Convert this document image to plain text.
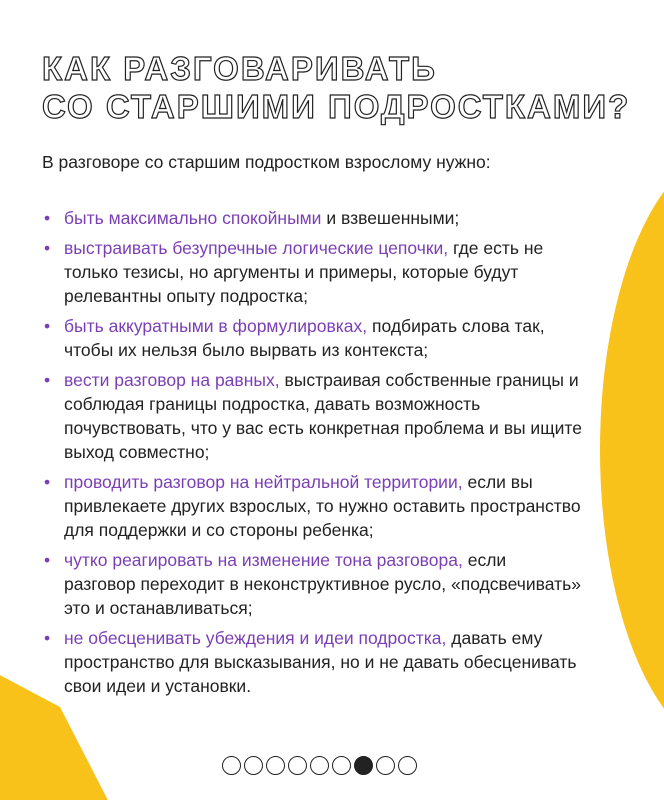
КАК РАЗГОВАРИВАТЬ
СО СТАРШИМИ ПОДРОСТКАМИ?

В разговоре со старшим подростком взрослому нужно:

• быть максимально спокойными и взвешенными;
• выстраивать безупречные логические цепочки, где есть не только тезисы, но аргументы и примеры, которые будут релевантны опыту подростка;
• быть аккуратными в формулировках, подбирать слова так, чтобы их нельзя было вырвать из контекста;
• вести разговор на равных, выстраивая собственные границы и соблюдая границы подростка, давать возможность почувствовать, что у вас есть конкретная проблема и вы ищите выход совместно;
• проводить разговор на нейтральной территории, если вы привлекаете других взрослых, то нужно оставить пространство для поддержки и со стороны ребенка;
• чутко реагировать на изменение тона разговора, если разговор переходит в неконструктивное русло, «подсвечивать» это и останавливаться;
• не обесценивать убеждения и идеи подростка, давать ему пространство для высказывания, но и не давать обесценивать свои идеи и установки.
